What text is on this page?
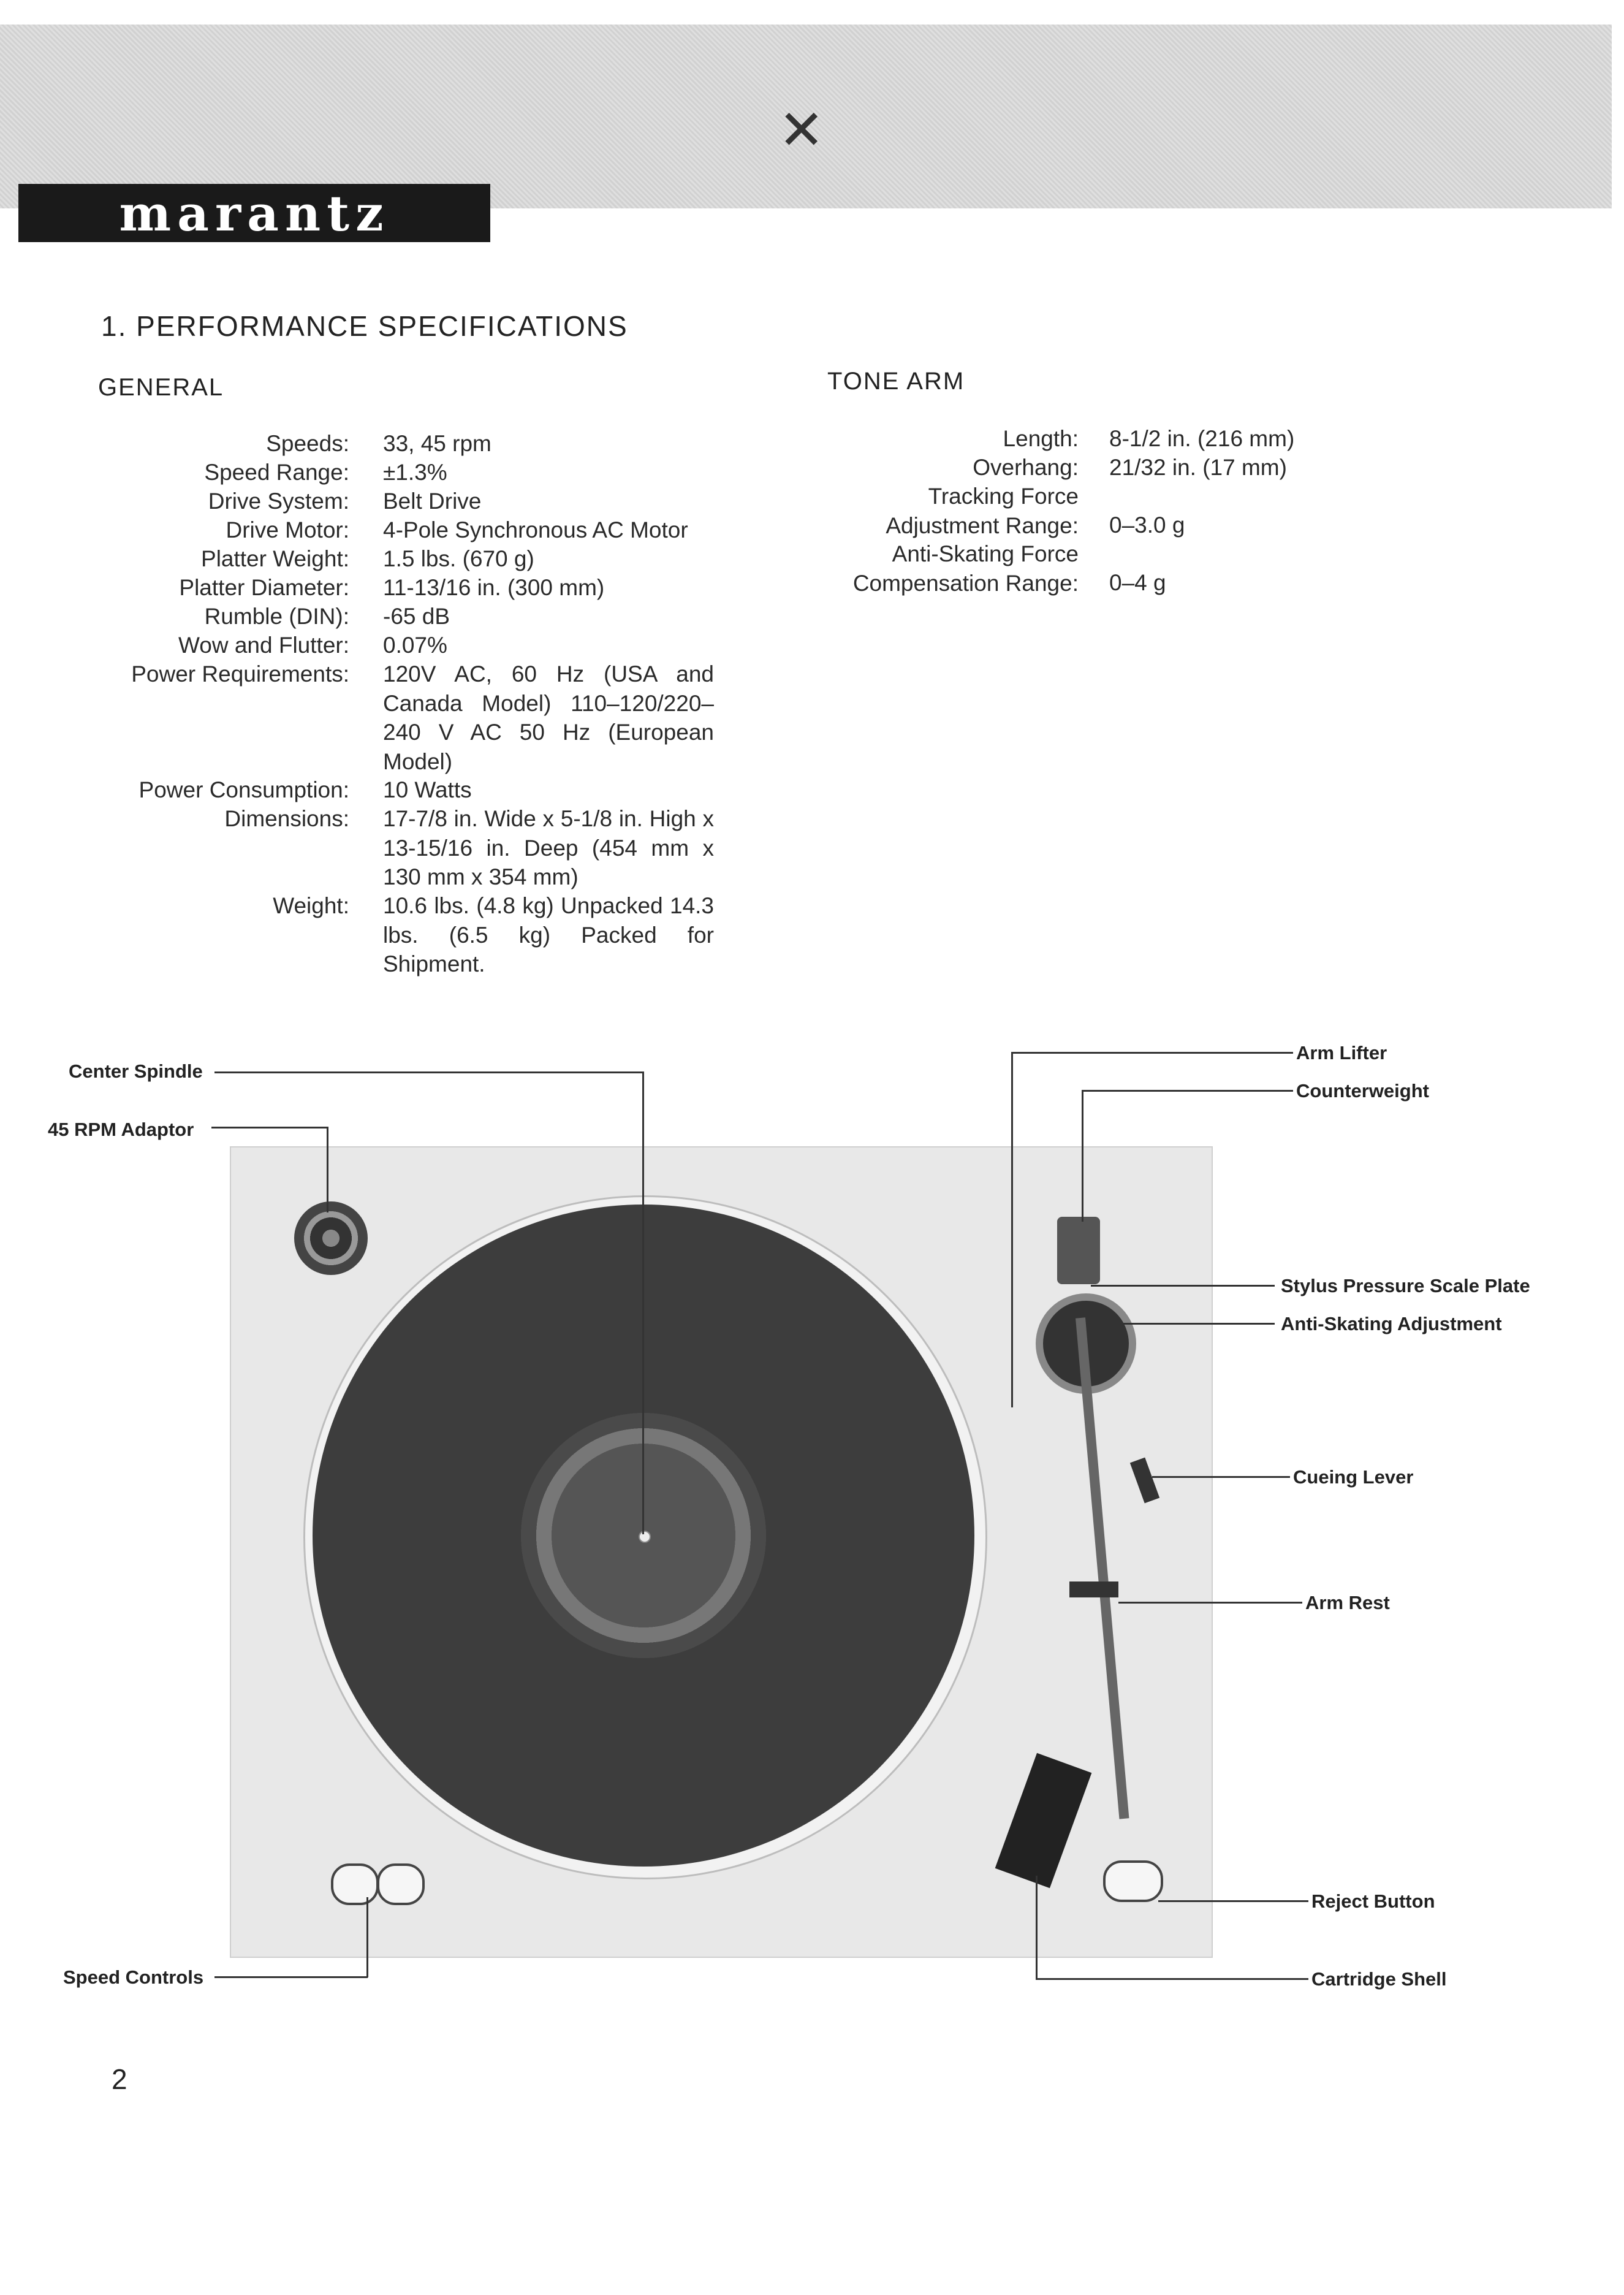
✕
marantz
1. PERFORMANCE SPECIFICATIONS
GENERAL	TONE ARM
Speeds: 33, 45 rpm
Speed Range: ±1.3%
Drive System: Belt Drive
Drive Motor: 4-Pole Synchronous AC Motor
Platter Weight: 1.5 lbs. (670 g)
Platter Diameter: 11-13/16 in. (300 mm)
Rumble (DIN): -65 dB
Wow and Flutter: 0.07%
Power Requirements: 120V AC, 60 Hz (USA and Canada Model) 110–120/220–240 V AC 50 Hz (European Model)
Power Consumption: 10 Watts
Dimensions: 17-7/8 in. Wide x 5-1/8 in. High x 13-15/16 in. Deep (454 mm x 130 mm x 354 mm)
Weight: 10.6 lbs. (4.8 kg) Unpacked 14.3 lbs. (6.5 kg) Packed for Shipment.
Length: 8-1/2 in. (216 mm)
Overhang: 21/32 in. (17 mm)
Tracking Force Adjustment Range: 0–3.0 g
Anti-Skating Force Compensation Range: 0–4 g
Center Spindle
45 RPM Adaptor
Speed Controls
Arm Lifter
Counterweight
Stylus Pressure Scale Plate
Anti-Skating Adjustment
Cueing Lever
Arm Rest
Reject Button
Cartridge Shell
2
